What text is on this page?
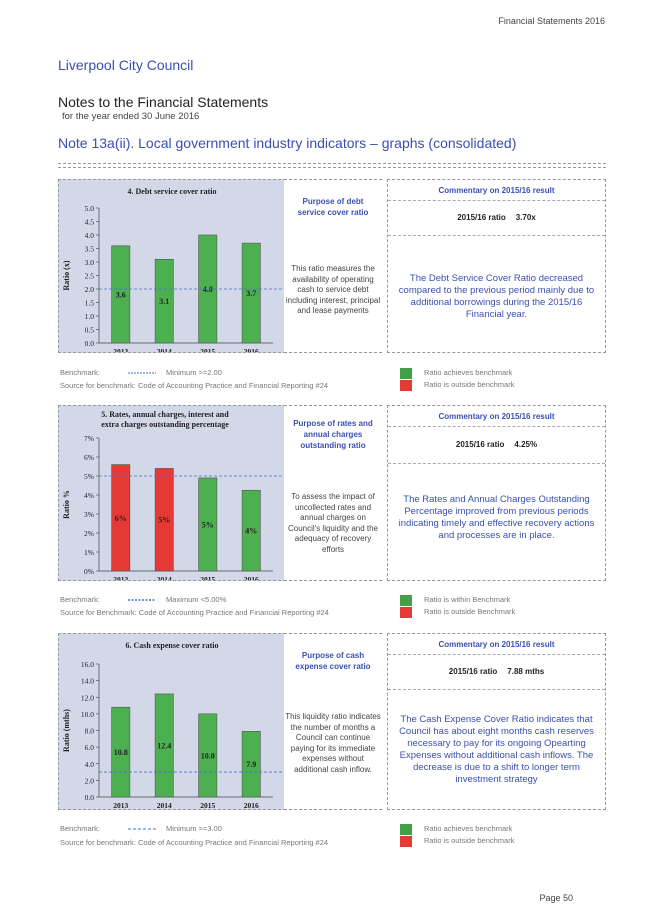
Financial Statements 2016
Liverpool City Council
Notes to the Financial Statements
for the year ended 30 June 2016
Note 13a(ii). Local government industry indicators – graphs (consolidated)
4. Debt service cover ratio
0.0
0.5
1.0
1.5
2.0
2.5
3.0
3.5
4.0
4.5
5.0
Ratio (x)
3.6
2013
3.1
2014
4.0
2015
3.7
2016
Purpose of debt service cover ratio
This ratio measures the availability of operating cash to service debt including interest, principal and lease payments
Commentary on 2015/16 result
2015/16 ratio 3.70x
The Debt Service Cover Ratio decreased compared to the previous period mainly due to additional borrowings during the 2015/16 Financial year.
Benchmark:	Minimum >=2.00
Source for benchmark: Code of Accounting Practice and Financial Reporting #24
Ratio achieves benchmark
Ratio is outside benchmark
5. Rates, annual charges, interest and extra charges outstanding percentage
0%
1%
2%
3%
4%
5%
6%
7%
Ratio %	6%
2013
5%
2014
5%
2015
4%
2016
Purpose of rates and annual charges outstanding ratio
To assess the impact of uncollected rates and annual charges on Council's liquidity and the adequacy of recovery efforts
Commentary on 2015/16 result
2015/16 ratio 4.25%
The Rates and Annual Charges Outstanding Percentage improved from previous periods indicating timely and effective recovery actions and processes are in place.
Benchmark:	Maximum <5.00%
Source for Benchmark: Code of Accounting Practice and Financial Reporting #24
Ratio is within Benchmark
Ratio is outside Benchmark
6. Cash expense cover ratio
0.0
2.0
4.0
6.0
8.0
10.0
12.0
14.0
16.0
Ratio (mths)
10.8
2013
12.4
2014
10.0
2015
7.9
2016
Purpose of cash expense cover ratio
This liquidity ratio indicates the number of months a Council can continue paying for its immediate expenses without additional cash inflow.
Commentary on 2015/16 result
2015/16 ratio 7.88 mths
The Cash Expense Cover Ratio indicates that Council has about eight months cash reserves necessary to pay for its ongoing Opearting Expenses without additional cash inflows. The decrease is due to a shift to longer term investment strategy
Benchmark:	Minimum >=3.00
Source for benchmark: Code of Accounting Practice and Financial Reporting #24
Ratio achieves benchmark
Ratio is outside benchmark
Page 50
